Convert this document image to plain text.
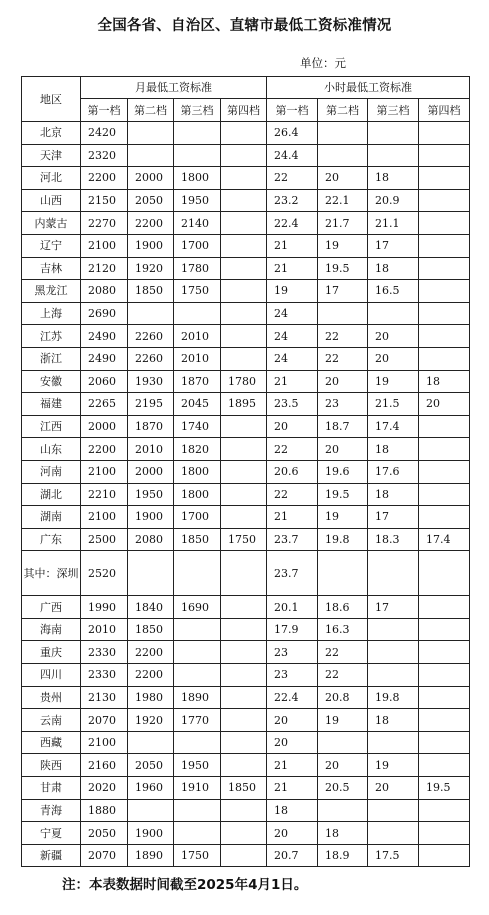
全国各省、自治区、直辖市最低工资标准情况
单位：元
地区	月最低工资标准				小时最低工资标准			
	第一档	第二档	第三档	第四档	第一档	第二档	第三档	第四档
北京	2420				26.4			
天津	2320				24.4			
河北	2200	2000	1800		22	20	18	
山西	2150	2050	1950		23.2	22.1	20.9	
内蒙古	2270	2200	2140		22.4	21.7	21.1	
辽宁	2100	1900	1700		21	19	17	
吉林	2120	1920	1780		21	19.5	18	
黑龙江	2080	1850	1750		19	17	16.5	
上海	2690				24			
江苏	2490	2260	2010		24	22	20	
浙江	2490	2260	2010		24	22	20	
安徽	2060	1930	1870	1780	21	20	19	18
福建	2265	2195	2045	1895	23.5	23	21.5	20
江西	2000	1870	1740		20	18.7	17.4	
山东	2200	2010	1820		22	20	18	
河南	2100	2000	1800		20.6	19.6	17.6	
湖北	2210	1950	1800		22	19.5	18	
湖南	2100	1900	1700		21	19	17	
广东	2500	2080	1850	1750	23.7	19.8	18.3	17.4
其中：深圳	2520				23.7			
广西	1990	1840	1690		20.1	18.6	17	
海南	2010	1850			17.9	16.3		
重庆	2330	2200			23	22		
四川	2330	2200			23	22		
贵州	2130	1980	1890		22.4	20.8	19.8	
云南	2070	1920	1770		20	19	18	
西藏	2100				20			
陕西	2160	2050	1950		21	20	19	
甘肃	2020	1960	1910	1850	21	20.5	20	19.5
青海	1880				18			
宁夏	2050	1900			20	18		
新疆	2070	1890	1750		20.7	18.9	17.5	
注：本表数据时间截至2025年4月1日。
